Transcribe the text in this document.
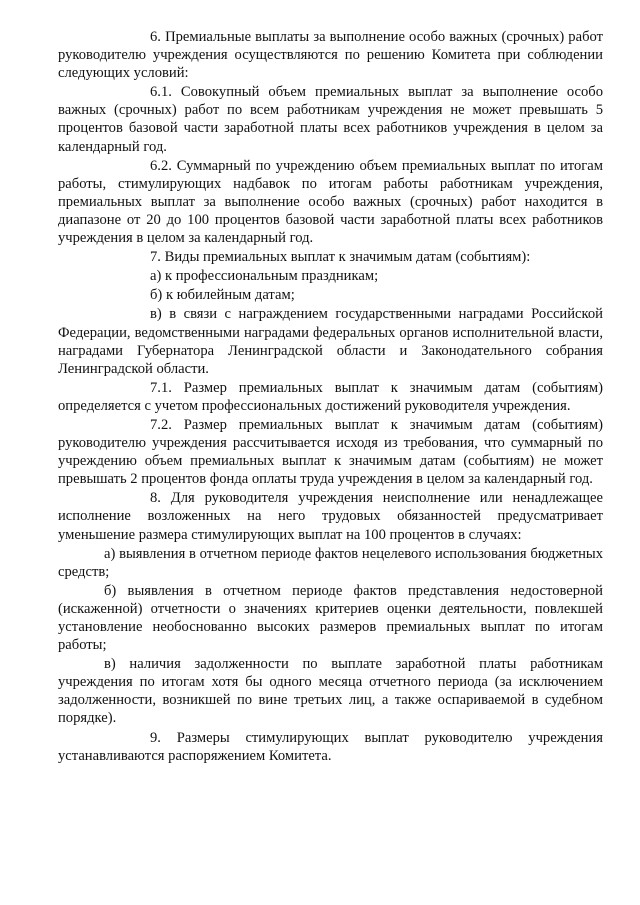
6. Премиальные выплаты за выполнение особо важных (срочных) работ руководителю учреждения осуществляются по решению Комитета при соблюдении следующих условий:

6.1. Совокупный объем премиальных выплат за выполнение особо важных (срочных) работ по всем работникам учреждения не может превышать 5 процентов базовой части заработной платы всех работников учреждения в целом за календарный год.

6.2. Суммарный по учреждению объем премиальных выплат по итогам работы, стимулирующих надбавок по итогам работы работникам учреждения, премиальных выплат за выполнение особо важных (срочных) работ находится в диапазоне от 20 до 100 процентов базовой части заработной платы всех работников учреждения в целом за календарный год.

7. Виды премиальных выплат к значимым датам (событиям):

а) к профессиональным праздникам;

б) к юбилейным датам;

в) в связи с награждением государственными наградами Российской Федерации, ведомственными наградами федеральных органов исполнительной власти, наградами Губернатора Ленинградской области и Законодательного собрания Ленинградской области.

7.1. Размер премиальных выплат к значимым датам (событиям) определяется с учетом профессиональных достижений руководителя учреждения.

7.2. Размер премиальных выплат к значимым датам (событиям) руководителю учреждения рассчитывается исходя из требования, что суммарный по учреждению объем премиальных выплат к значимым датам (событиям) не может превышать 2 процентов фонда оплаты труда учреждения в целом за календарный год.

8. Для руководителя учреждения неисполнение или ненадлежащее исполнение возложенных на него трудовых обязанностей предусматривает уменьшение размера стимулирующих выплат на 100 процентов в случаях:

а) выявления в отчетном периоде фактов нецелевого использования бюджетных средств;

б) выявления в отчетном периоде фактов представления недостоверной (искаженной) отчетности о значениях критериев оценки деятельности, повлекшей установление необоснованно высоких размеров премиальных выплат по итогам работы;

в) наличия задолженности по выплате заработной платы работникам учреждения по итогам хотя бы одного месяца отчетного периода (за исключением задолженности, возникшей по вине третьих лиц, а также оспариваемой в судебном порядке).

9. Размеры стимулирующих выплат руководителю учреждения устанавливаются распоряжением Комитета.
